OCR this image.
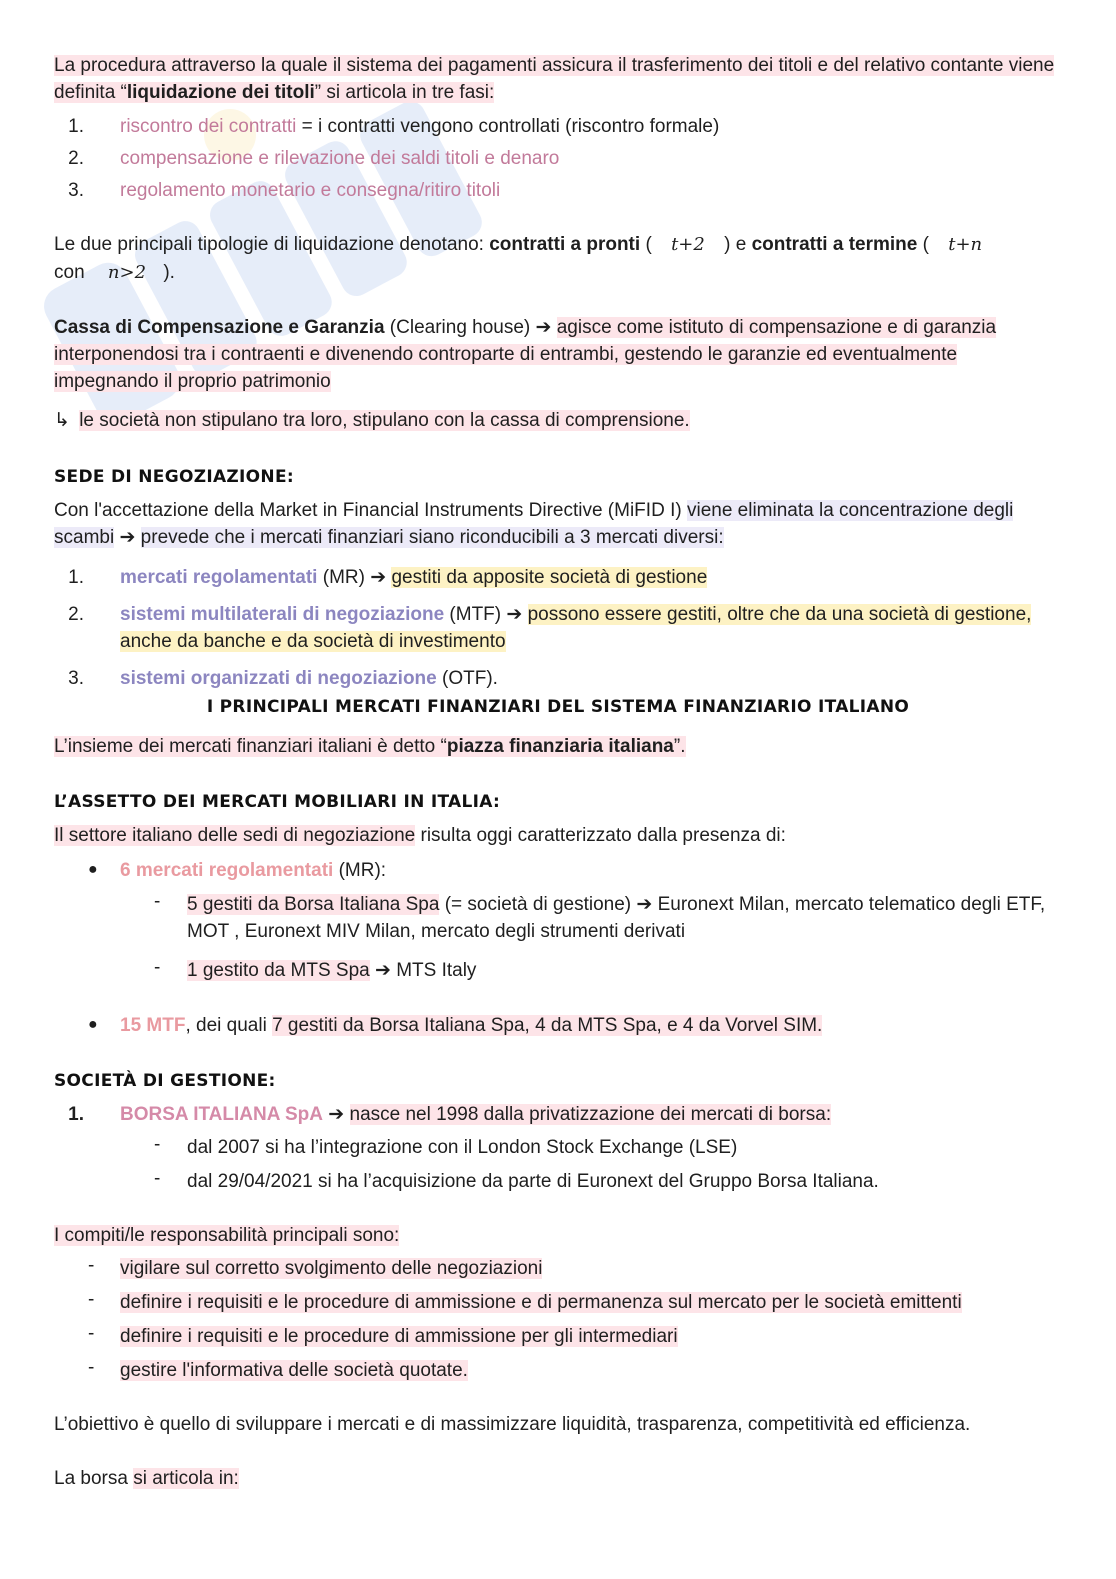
La procedura attraverso la quale il sistema dei pagamenti assicura il trasferimento dei titoli e del relativo contante viene definita “liquidazione dei titoli” si articola in tre fasi:
1. riscontro dei contratti = i contratti vengono controllati (riscontro formale)
2. compensazione e rilevazione dei saldi titoli e denaro
3. regolamento monetario e consegna/ritiro titoli
Le due principali tipologie di liquidazione denotano: contratti a pronti ( t+2 ) e contratti a termine ( t+n
con n>2 ).
Cassa di Compensazione e Garanzia (Clearing house) ➔ agisce come istituto di compensazione e di garanzia interponendosi tra i contraenti e divenendo controparte di entrambi, gestendo le garanzie ed eventualmente impegnando il proprio patrimonio
↳ le società non stipulano tra loro, stipulano con la cassa di comprensione.
SEDE DI NEGOZIAZIONE:
Con l'accettazione della Market in Financial Instruments Directive (MiFID I) viene eliminata la concentrazione degli scambi ➔ prevede che i mercati finanziari siano riconducibili a 3 mercati diversi:
1. mercati regolamentati (MR) ➔ gestiti da apposite società di gestione
2. sistemi multilaterali di negoziazione (MTF) ➔ possono essere gestiti, oltre che da una società di gestione, anche da banche e da società di investimento
3. sistemi organizzati di negoziazione (OTF).
I PRINCIPALI MERCATI FINANZIARI DEL SISTEMA FINANZIARIO ITALIANO
L’insieme dei mercati finanziari italiani è detto “piazza finanziaria italiana”.
L’ASSETTO DEI MERCATI MOBILIARI IN ITALIA:
Il settore italiano delle sedi di negoziazione risulta oggi caratterizzato dalla presenza di:
● 6 mercati regolamentati (MR):
- 5 gestiti da Borsa Italiana Spa (= società di gestione) ➔ Euronext Milan, mercato telematico degli ETF, MOT , Euronext MIV Milan, mercato degli strumenti derivati
- 1 gestito da MTS Spa ➔ MTS Italy
● 15 MTF, dei quali 7 gestiti da Borsa Italiana Spa, 4 da MTS Spa, e 4 da Vorvel SIM.
SOCIETÀ DI GESTIONE:
1. BORSA ITALIANA SpA ➔ nasce nel 1998 dalla privatizzazione dei mercati di borsa:
- dal 2007 si ha l’integrazione con il London Stock Exchange (LSE)
- dal 29/04/2021 si ha l’acquisizione da parte di Euronext del Gruppo Borsa Italiana.
I compiti/le responsabilità principali sono:
- vigilare sul corretto svolgimento delle negoziazioni
- definire i requisiti e le procedure di ammissione e di permanenza sul mercato per le società emittenti
- definire i requisiti e le procedure di ammissione per gli intermediari
- gestire l'informativa delle società quotate.
L’obiettivo è quello di sviluppare i mercati e di massimizzare liquidità, trasparenza, competitività ed efficienza.
La borsa si articola in:
